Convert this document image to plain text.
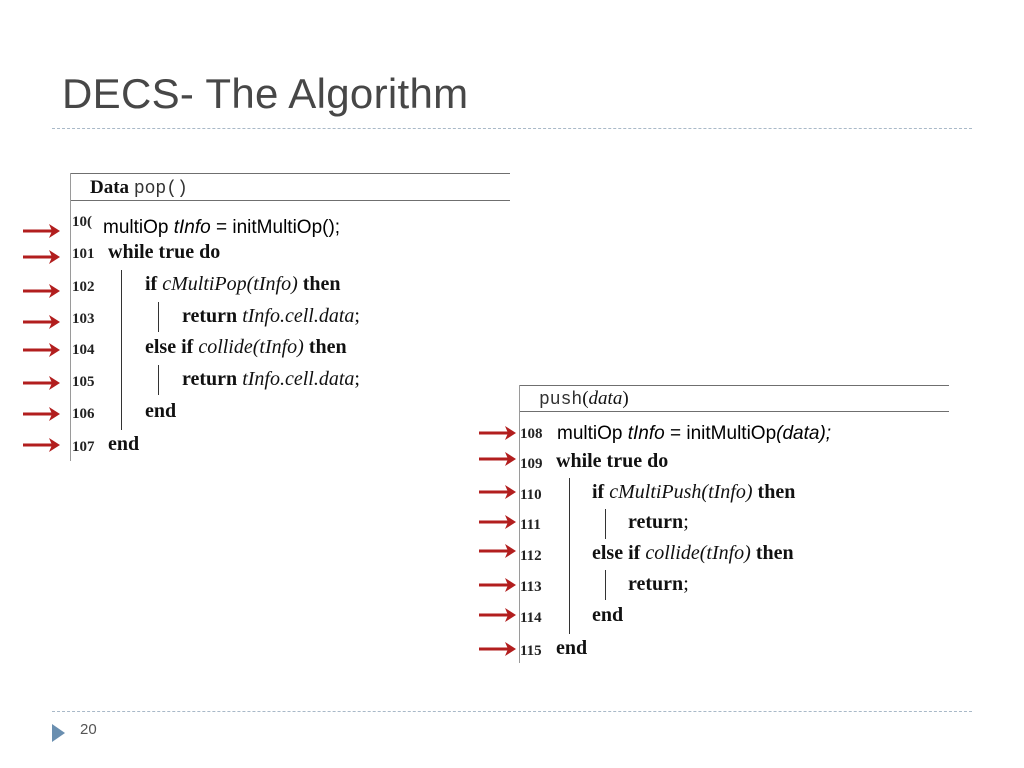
DECS- The Algorithm
Data pop()
10( multiOp tInfo = initMultiOp();
101 while true do
102	if cMultiPop(tInfo) then
103	return tInfo.cell.data;
104	else if collide(tInfo) then
105	return tInfo.cell.data;
106	end
107 end
push(data)
108 multiOp tInfo = initMultiOp(data);
109 while true do
110	if cMultiPush(tInfo) then
111	return;
112	else if collide(tInfo) then
113	return;
114	end
115 end
20
